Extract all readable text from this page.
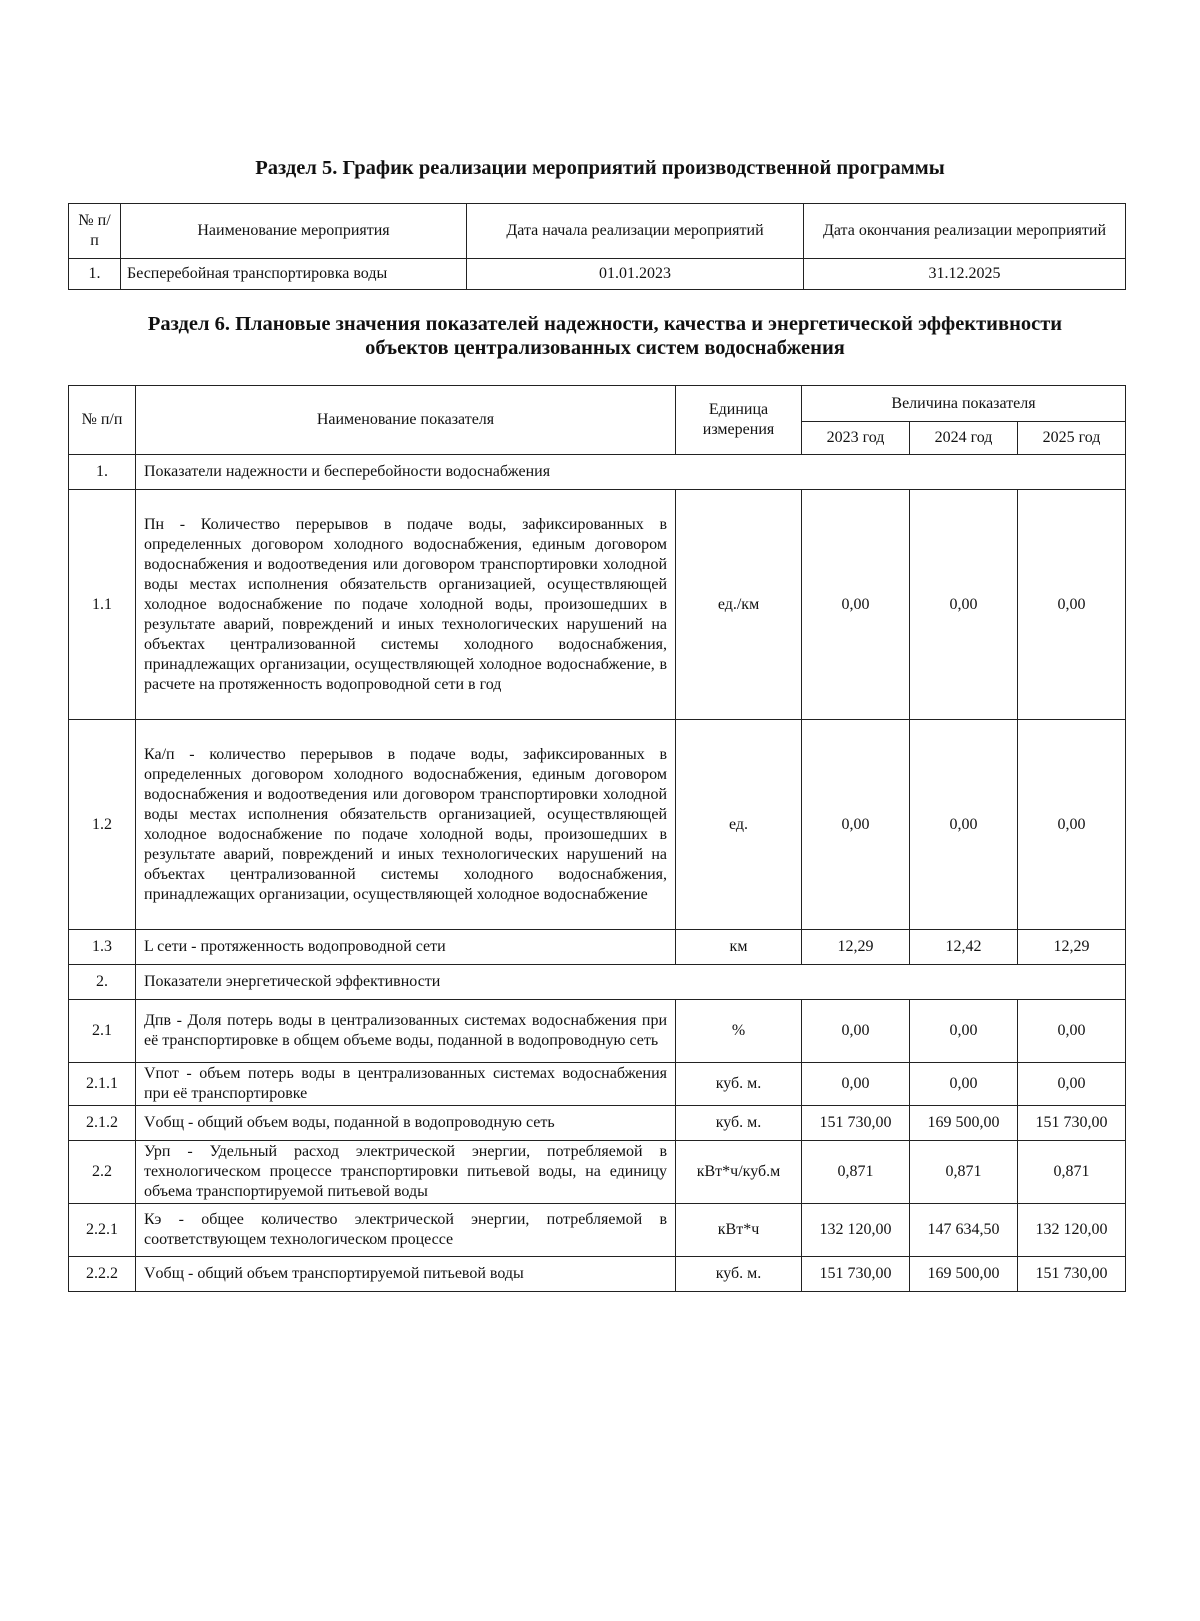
Раздел 5. График реализации мероприятий производственной программы
№ п/п	Наименование мероприятия	Дата начала реализации мероприятий	Дата окончания реализации мероприятий
1.	Бесперебойная транспортировка воды	01.01.2023	31.12.2025
Раздел 6. Плановые значения показателей надежности, качества и энергетической эффективности
объектов централизованных систем водоснабжения
№ п/п	Наименование показателя	Единица измерения	Величина показателя		
			2023 год	2024 год	2025 год
1.	Показатели надежности и бесперебойности водоснабжения				
1.1	Пн - Количество перерывов в подаче воды, зафиксированных в определенных договором холодного водоснабжения, единым договором водоснабжения и водоотведения или договором транспортировки холодной воды местах исполнения обязательств организацией, осуществляющей холодное водоснабжение по подаче холодной воды, произошедших в результате аварий, повреждений и иных технологических нарушений на объектах централизованной системы холодного водоснабжения, принадлежащих организации, осуществляющей холодное водоснабжение, в расчете на протяженность водопроводной сети в год	ед./км	0,00	0,00	0,00
1.2	Ка/п - количество перерывов в подаче воды, зафиксированных в определенных договором холодного водоснабжения, единым договором водоснабжения и водоотведения или договором транспортировки холодной воды местах исполнения обязательств организацией, осуществляющей холодное водоснабжение по подаче холодной воды, произошедших в результате аварий, повреждений и иных технологических нарушений на объектах централизованной системы холодного водоснабжения, принадлежащих организации, осуществляющей холодное водоснабжение	ед.	0,00	0,00	0,00
1.3	L сети - протяженность водопроводной сети	км	12,29	12,42	12,29
2.	Показатели энергетической эффективности				
2.1	Дпв - Доля потерь воды в централизованных системах водоснабжения при её транспортировке в общем объеме воды, поданной в водопроводную сеть	%	0,00	0,00	0,00
2.1.1	Vпот - объем потерь воды в централизованных системах водоснабжения при её транспортировке	куб. м.	0,00	0,00	0,00
2.1.2	Vобщ - общий объем воды, поданной в водопроводную сеть	куб. м.	151 730,00	169 500,00	151 730,00
2.2	Урп - Удельный расход электрической энергии, потребляемой в технологическом процессе транспортировки питьевой воды, на единицу объема транспортируемой питьевой воды	кВт*ч/куб.м	0,871	0,871	0,871
2.2.1	Кэ - общее количество электрической энергии, потребляемой в соответствующем технологическом процессе	кВт*ч	132 120,00	147 634,50	132 120,00
2.2.2	Vобщ - общий объем транспортируемой питьевой воды	куб. м.	151 730,00	169 500,00	151 730,00
